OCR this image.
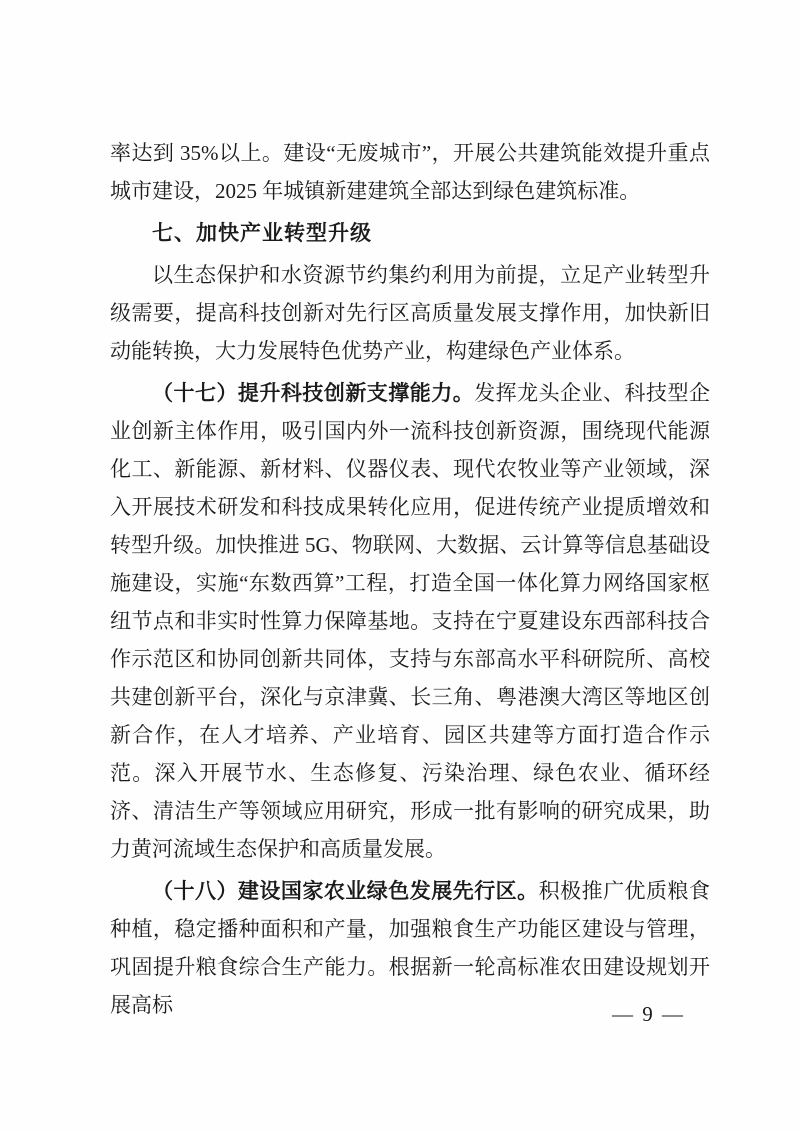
率达到 35%以上。建设“无废城市”，开展公共建筑能效提升重点城市建设，2025 年城镇新建建筑全部达到绿色建筑标准。

七、加快产业转型升级

以生态保护和水资源节约集约利用为前提，立足产业转型升级需要，提高科技创新对先行区高质量发展支撑作用，加快新旧动能转换，大力发展特色优势产业，构建绿色产业体系。

（十七）提升科技创新支撑能力。发挥龙头企业、科技型企业创新主体作用，吸引国内外一流科技创新资源，围绕现代能源化工、新能源、新材料、仪器仪表、现代农牧业等产业领域，深入开展技术研发和科技成果转化应用，促进传统产业提质增效和转型升级。加快推进 5G、物联网、大数据、云计算等信息基础设施建设，实施“东数西算”工程，打造全国一体化算力网络国家枢纽节点和非实时性算力保障基地。支持在宁夏建设东西部科技合作示范区和协同创新共同体，支持与东部高水平科研院所、高校共建创新平台，深化与京津冀、长三角、粤港澳大湾区等地区创新合作，在人才培养、产业培育、园区共建等方面打造合作示范。深入开展节水、生态修复、污染治理、绿色农业、循环经济、清洁生产等领域应用研究，形成一批有影响的研究成果，助力黄河流域生态保护和高质量发展。

（十八）建设国家农业绿色发展先行区。积极推广优质粮食种植，稳定播种面积和产量，加强粮食生产功能区建设与管理，巩固提升粮食综合生产能力。根据新一轮高标准农田建设规划开展高标	— 9 —
